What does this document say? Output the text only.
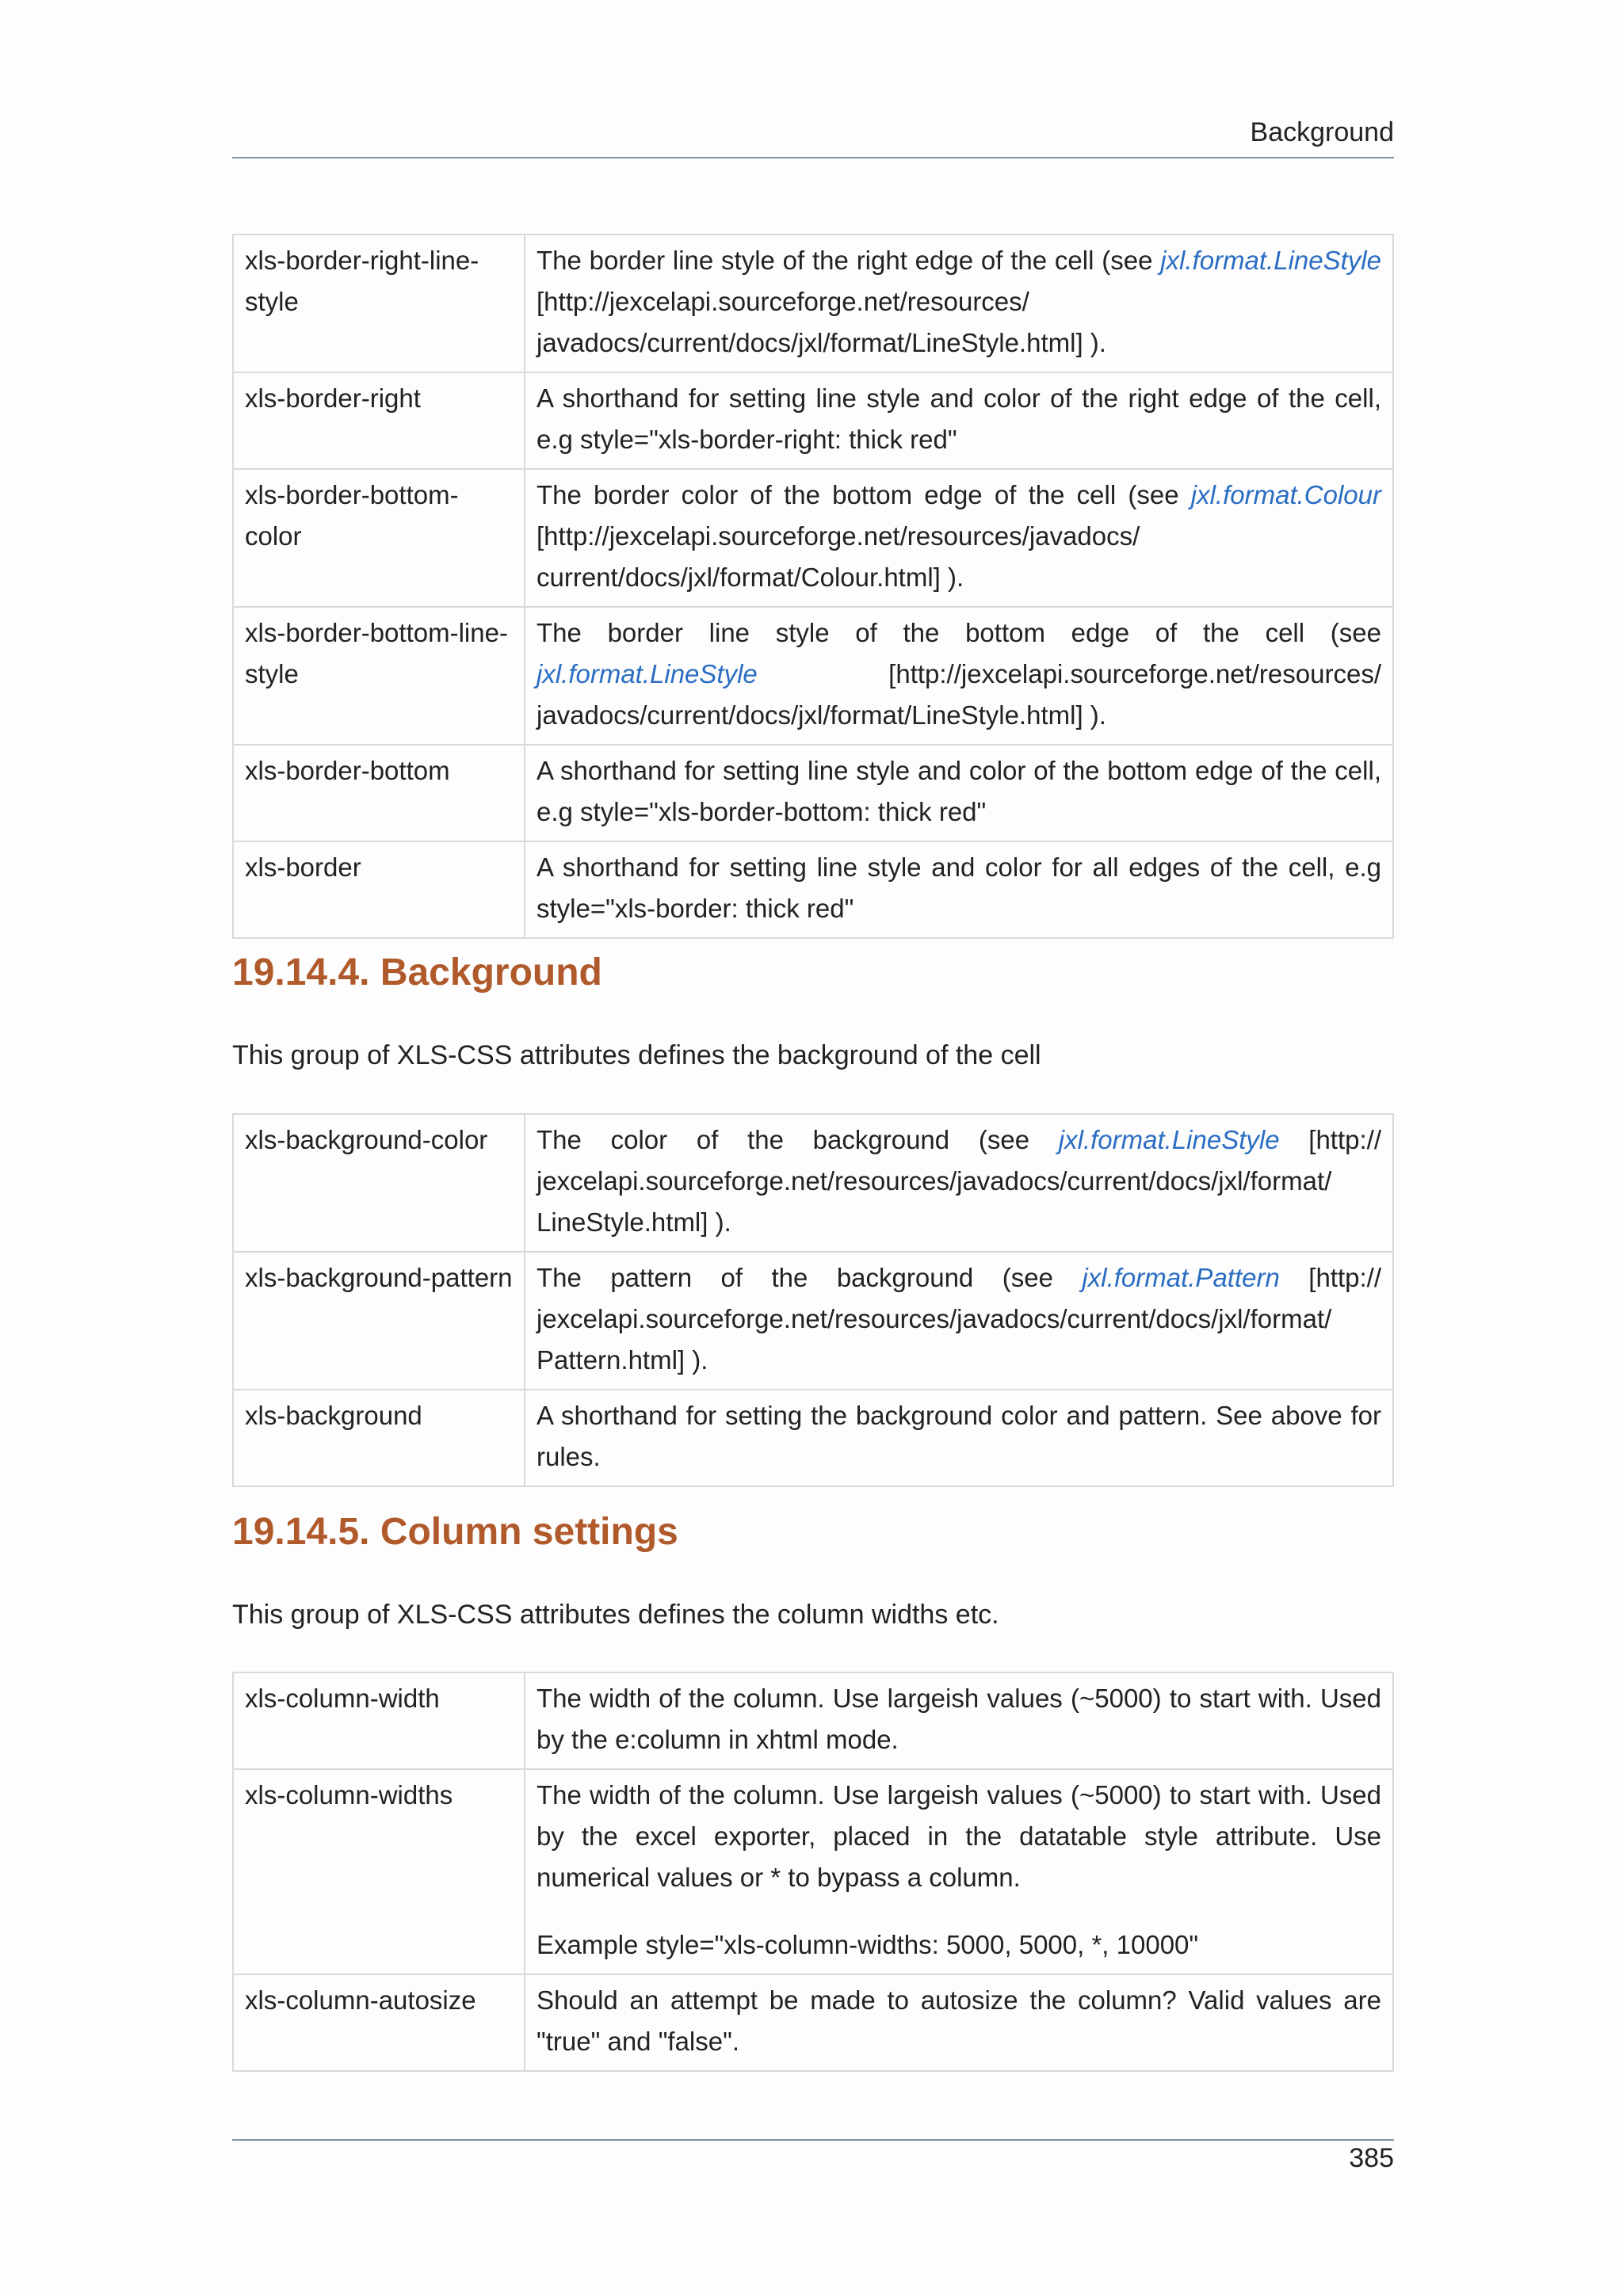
Background
xls-border-right-line-style	The border line style of the right edge of the cell (see jxl.format.LineStyle [http://jexcelapi.sourceforge.net/resources/ javadocs/current/docs/jxl/format/LineStyle.html] ).
xls-border-right	A shorthand for setting line style and color of the right edge of the cell, e.g style="xls-border-right: thick red"
xls-border-bottom-color	The border color of the bottom edge of the cell (see jxl.format.Colour [http://jexcelapi.sourceforge.net/resources/javadocs/ current/docs/jxl/format/Colour.html] ).
xls-border-bottom-line-style	The border line style of the bottom edge of the cell (see jxl.format.LineStyle [http://jexcelapi.sourceforge.net/resources/ javadocs/current/docs/jxl/format/LineStyle.html] ).
xls-border-bottom	A shorthand for setting line style and color of the bottom edge of the cell, e.g style="xls-border-bottom: thick red"
xls-border	A shorthand for setting line style and color for all edges of the cell, e.g style="xls-border: thick red"
19.14.4. Background

This group of XLS-CSS attributes defines the background of the cell

xls-background-color	The color of the background (see jxl.format.LineStyle [http:// jexcelapi.sourceforge.net/resources/javadocs/current/docs/jxl/format/ LineStyle.html] ).
xls-background-pattern	The pattern of the background (see jxl.format.Pattern [http:// jexcelapi.sourceforge.net/resources/javadocs/current/docs/jxl/format/ Pattern.html] ).
xls-background	A shorthand for setting the background color and pattern. See above for rules.
19.14.5. Column settings

This group of XLS-CSS attributes defines the column widths etc.

xls-column-width	The width of the column. Use largeish values (~5000) to start with. Used by the e:column in xhtml mode.
xls-column-widths	The width of the column. Use largeish values (~5000) to start with. Used by the excel exporter, placed in the datatable style attribute. Use numerical values or * to bypass a column.

Example style="xls-column-widths: 5000, 5000, *, 10000"

xls-column-autosize	Should an attempt be made to autosize the column? Valid values are "true" and "false".
385
